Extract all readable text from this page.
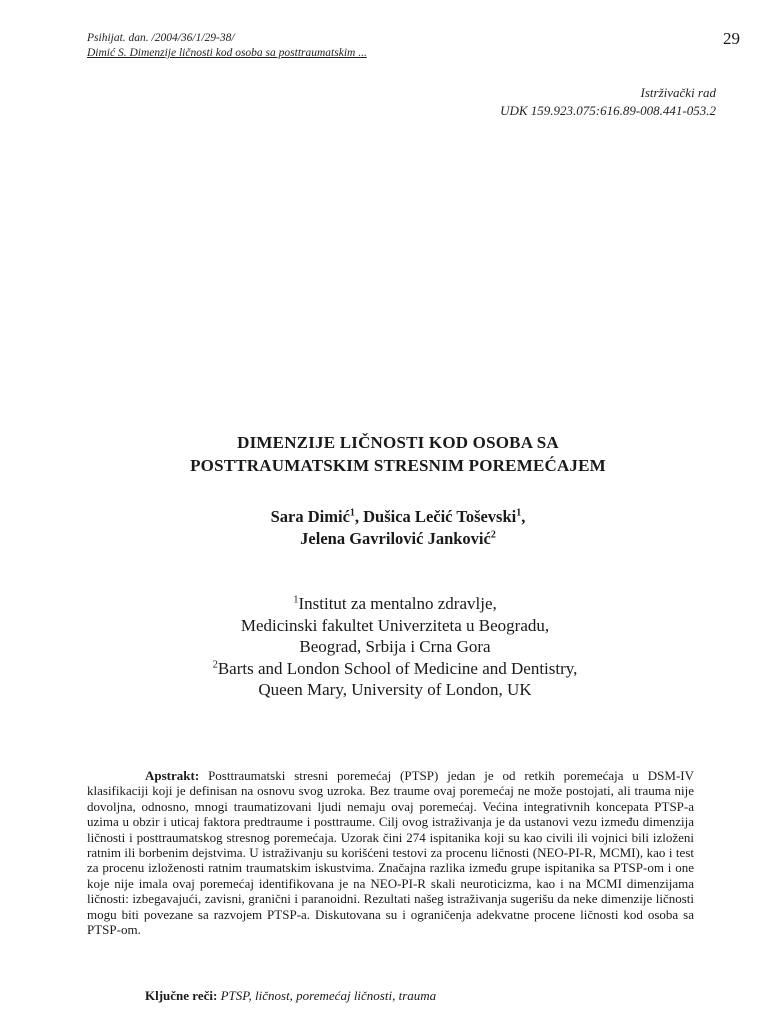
Psihijat. dan. /2004/36/1/29-38/
Dimić S. Dimenzije ličnosti kod osoba sa posttraumatskim ...
29
Istrživački rad
UDK 159.923.075:616.89-008.441-053.2
DIMENZIJE LIČNOSTI KOD OSOBA SA
POSTTRAUMATSKIM STRESNIM POREMEĆAJEM
Sara Dimić$^1$, Dušica Lečić Toševski$^1$,
Jelena Gavrilović Janković$^2$
$^1$Institut za mentalno zdravlje,
Medicinski fakultet Univerziteta u Beogradu,
Beograd, Srbija i Crna Gora
$^2$Barts and London School of Medicine and Dentistry,
Queen Mary, University of London, UK

Apstrakt: Posttraumatski stresni poremećaj (PTSP) jedan je od retkih poremećaja u DSM-IV klasifikaciji koji je definisan na osnovu svog uzroka. Bez traume ovaj poremećaj ne može postojati, ali trauma nije dovoljna, odnosno, mnogi traumatizovani ljudi nemaju ovaj poremećaj. Većina integrativnih koncepata PTSP-a uzima u obzir i uticaj faktora predtraume i posttraume. Cilj ovog istraživanja je da ustanovi vezu između dimenzija ličnosti i posttraumatskog stresnog poremećaja. Uzorak čini 274 ispitanika koji su kao civili ili vojnici bili izloženi ratnim ili borbenim dejstvima. U istraživanju su korišćeni testovi za procenu ličnosti (NEO-PI-R, MCMI), kao i test za procenu izloženosti ratnim traumatskim iskustvima. Značajna razlika između grupe ispitanika sa PTSP-om i one koje nije imala ovaj poremećaj identifikovana je na NEO-PI-R skali neuroticizma, kao i na MCMI dimenzijama ličnosti: izbegavajući, zavisni, granični i paranoidni. Rezultati našeg istraživanja sugerišu da neke dimenzije ličnosti mogu biti povezane sa razvojem PTSP-a. Diskutovana su i ograničenja adekvatne procene ličnosti kod osoba sa PTSP-om.

Ključne reči: PTSP, ličnost, poremećaj ličnosti, trauma
